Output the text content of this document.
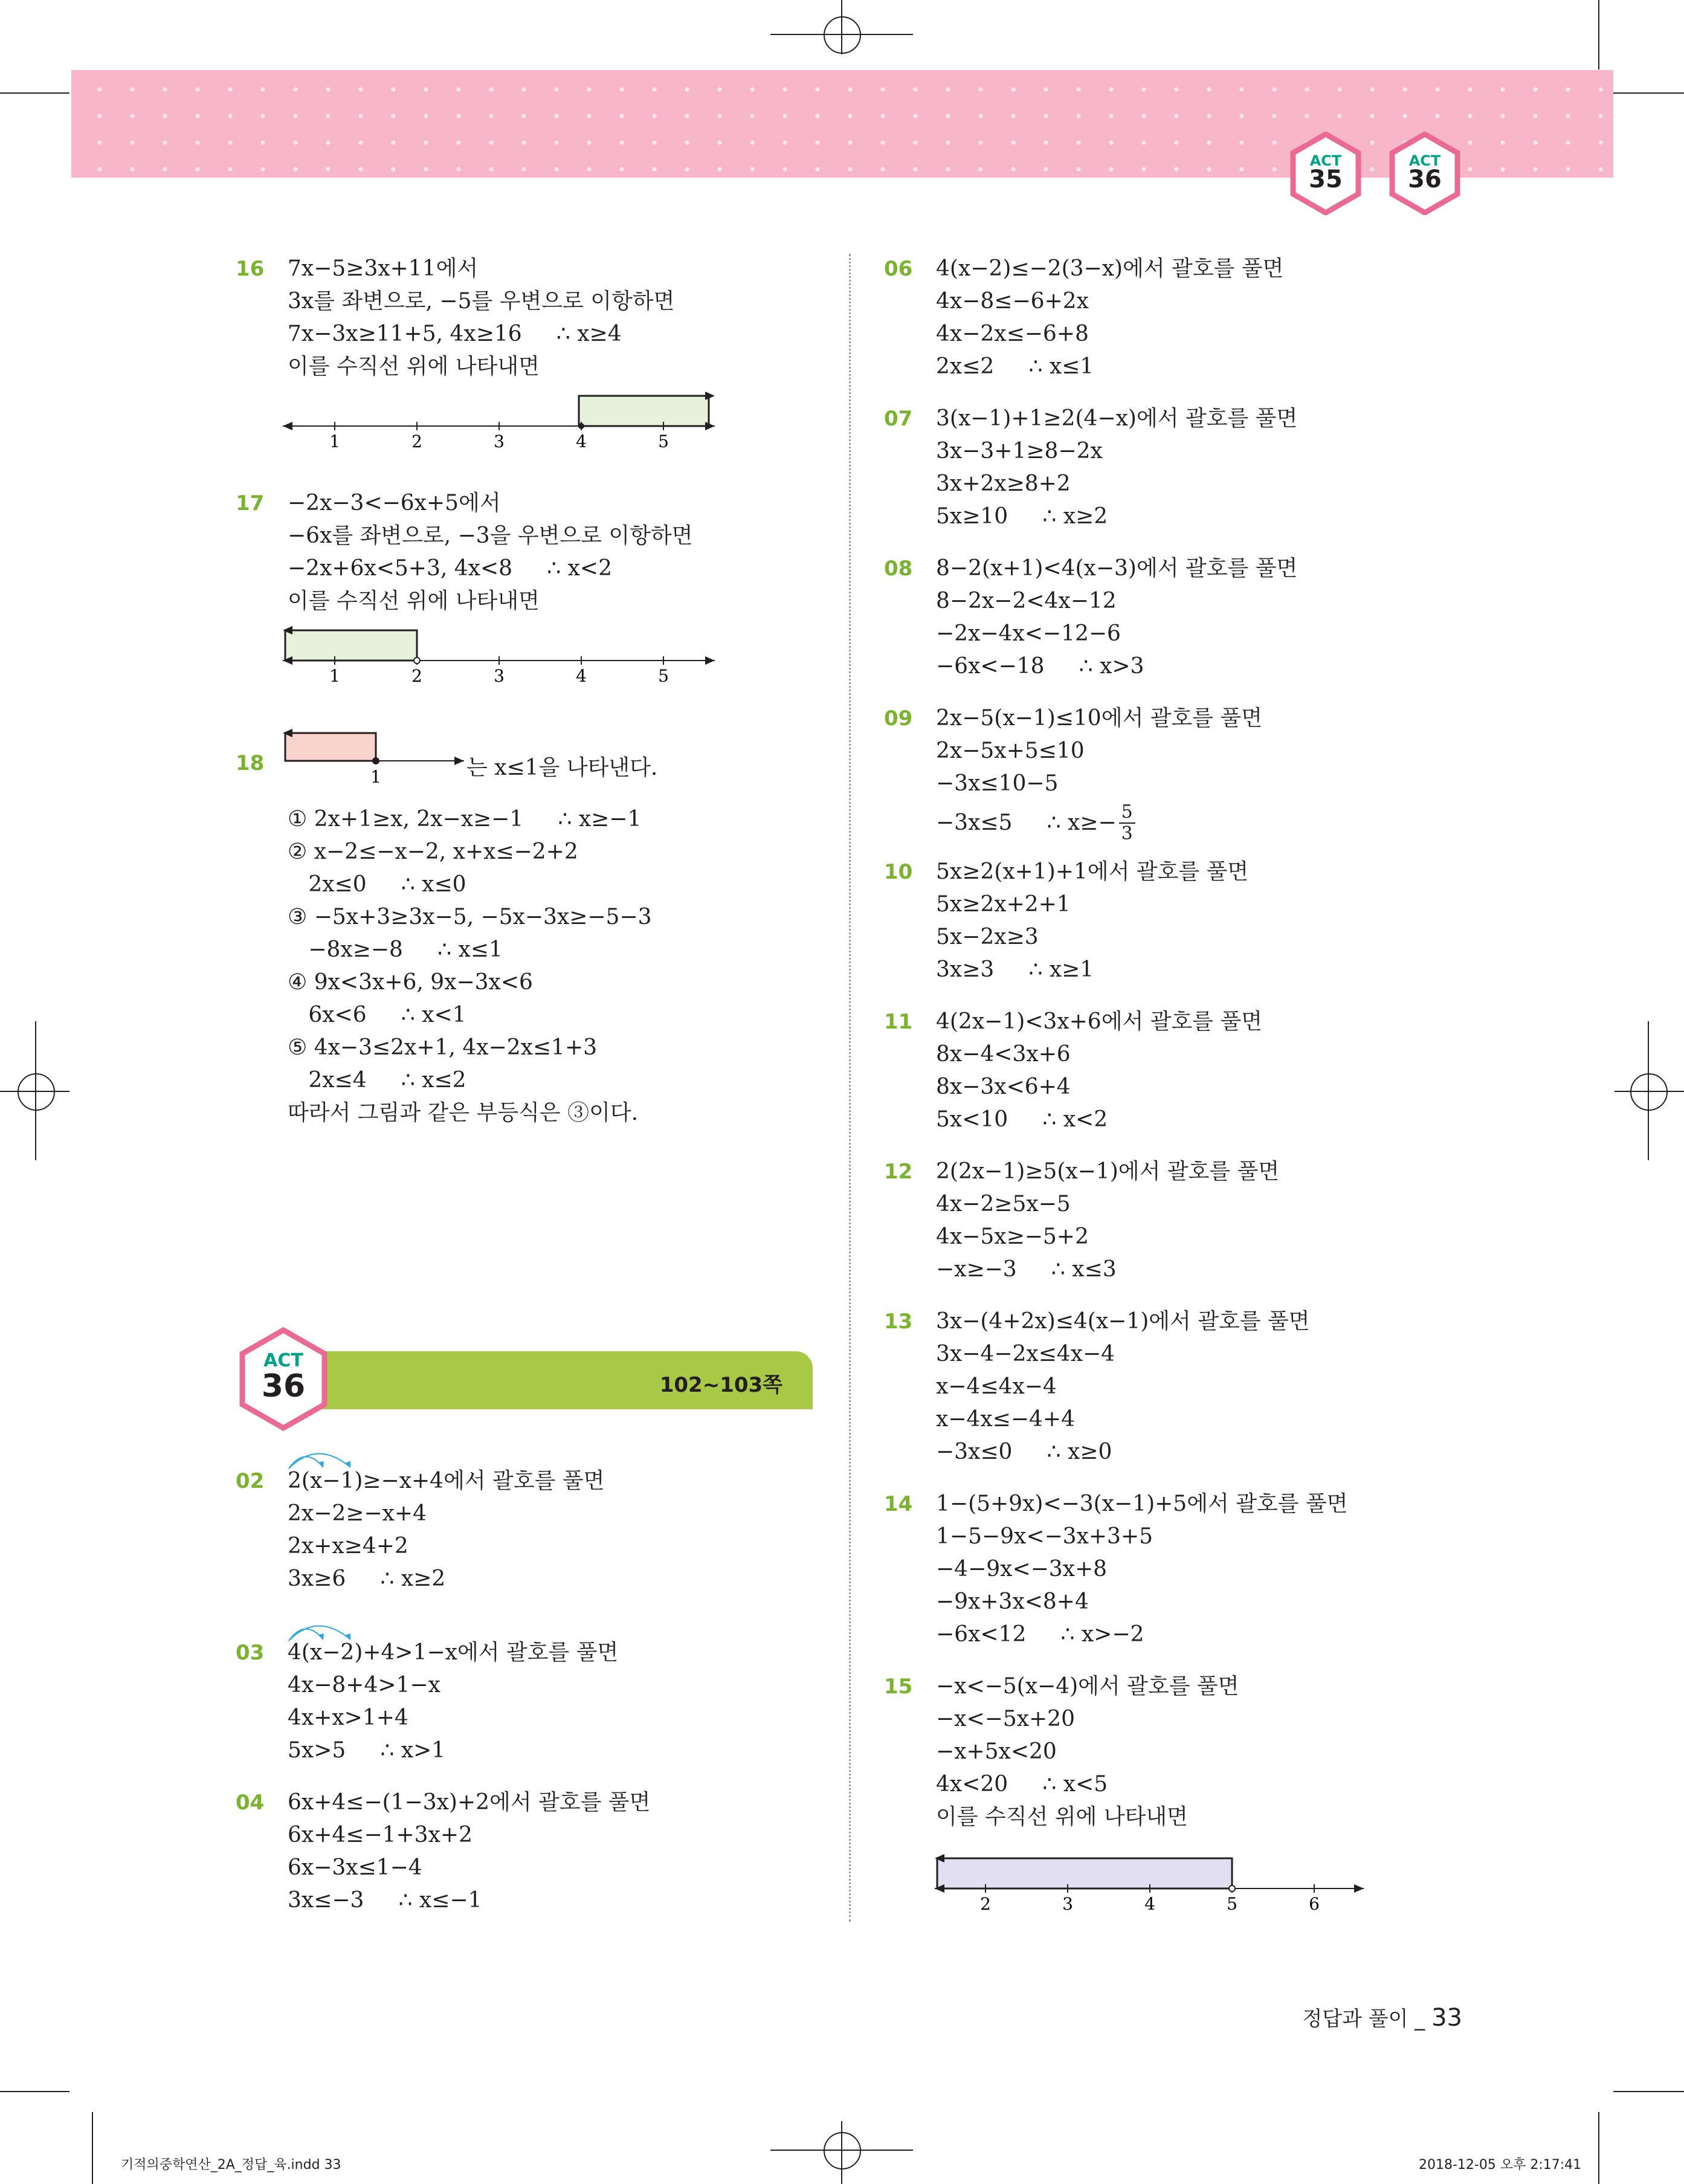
ACT
35
ACT
36
16 7x−5≥3x+11에서
3x를 좌변으로, −5를 우변으로 이항하면
7x−3x≥11+5, 4x≥16     ∴ x≥4
이를 수직선 위에 나타내면
1	2	3	4	5
17 −2x−3<−6x+5에서
−6x를 좌변으로, −3을 우변으로 이항하면
−2x+6x<5+3, 4x<8     ∴ x<2
이를 수직선 위에 나타내면
1	2	3	4	5
18
1	는 x≤1을 나타낸다.
① 2x+1≥x, 2x−x≥−1     ∴ x≥−1
② x−2≤−x−2, x+x≤−2+2
2x≤0     ∴ x≤0
③ −5x+3≥3x−5, −5x−3x≥−5−3
−8x≥−8     ∴ x≤1
④ 9x<3x+6, 9x−3x<6
6x<6     ∴ x<1
⑤ 4x−3≤2x+1, 4x−2x≤1+3
2x≤4     ∴ x≤2
따라서 그림과 같은 부등식은 ③이다.
102~103쪽
ACT
36
02 2(x−1)≥−x+4에서 괄호를 풀면
2x−2≥−x+4
2x+x≥4+2
3x≥6     ∴ x≥2
03 4(x−2)+4>1−x에서 괄호를 풀면
4x−8+4>1−x
4x+x>1+4
5x>5     ∴ x>1
04 6x+4≤−(1−3x)+2에서 괄호를 풀면
6x+4≤−1+3x+2
6x−3x≤1−4
3x≤−3     ∴ x≤−1
06 4(x−2)≤−2(3−x)에서 괄호를 풀면
4x−8≤−6+2x
4x−2x≤−6+8
2x≤2     ∴ x≤1
07 3(x−1)+1≥2(4−x)에서 괄호를 풀면
3x−3+1≥8−2x
3x+2x≥8+2
5x≥10     ∴ x≥2
08 8−2(x+1)<4(x−3)에서 괄호를 풀면
8−2x−2<4x−12
−2x−4x<−12−6
−6x<−18     ∴ x>3
09 2x−5(x−1)≤10에서 괄호를 풀면
2x−5x+5≤10
−3x≤10−5
−3x≤5     ∴ $x\ge- \frac{5}{3}$
10 5x≥2(x+1)+1에서 괄호를 풀면
5x≥2x+2+1
5x−2x≥3
3x≥3     ∴ x≥1
11 4(2x−1)<3x+6에서 괄호를 풀면
8x−4<3x+6
8x−3x<6+4
5x<10     ∴ x<2
12 2(2x−1)≥5(x−1)에서 괄호를 풀면
4x−2≥5x−5
4x−5x≥−5+2
−x≥−3     ∴ x≤3
13 3x−(4+2x)≤4(x−1)에서 괄호를 풀면
3x−4−2x≤4x−4
x−4≤4x−4
x−4x≤−4+4
−3x≤0     ∴ x≥0
14 1−(5+9x)<−3(x−1)+5에서 괄호를 풀면
1−5−9x<−3x+3+5
−4−9x<−3x+8
−9x+3x<8+4
−6x<12     ∴ x>−2
15 −x<−5(x−4)에서 괄호를 풀면
−x<−5x+20
−x+5x<20
4x<20     ∴ x<5
이를 수직선 위에 나타내면
2	3	4	5	6
정답과 풀이 _ 33
기적의중학연산_2A_정답_육.indd 33	2018-12-05 오후 2:17:41
